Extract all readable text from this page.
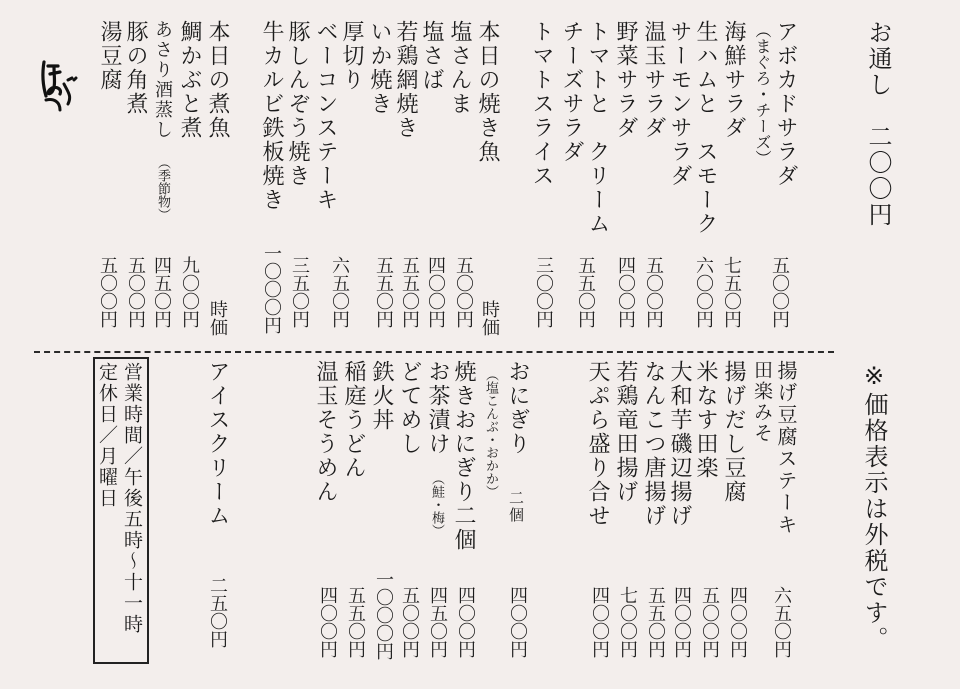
お通し　二〇〇円
アボカドサラダ
（まぐろ・チーズ）
海鮮サラダ
生ハムと　スモーク
サーモンサラダ
温玉サラダ
野菜サラダ
トマトと　クリーム
チーズサラダ
トマトスライス
本日の焼き魚
塩さんま
塩さば
若鶏網焼き
いか焼き
厚切り
ベーコンステーキ
豚しんぞう焼き
牛カルビ鉄板焼き
本日の煮魚
鯛かぶと煮
あさり酒蒸し
（季節物）
豚の角煮
湯豆腐
五〇〇円
七五〇円
六〇〇円
五〇〇円
四〇〇円
五五〇円
三〇〇円
時価
五〇〇円
四〇〇円
五五〇円
五五〇円
六五〇円
三五〇円
一〇〇〇円
時価
九〇〇円
四五〇円
五〇〇円
五〇〇円
※価格表示は外税です。
揚げ豆腐ステーキ
田楽みそ
揚げだし豆腐
米なす田楽
大和芋磯辺揚げ
なんこつ唐揚げ
若鶏竜田揚げ
天ぷら盛り合せ
おにぎり
（塩こんぶ・おかか）
二個
焼きおにぎり二個
お茶漬け
（鮭・梅）
どてめし
鉄火丼
稲庭うどん
温玉そうめん
アイスクリーム
六五〇円
四〇〇円
五〇〇円
四〇〇円
五五〇円
七〇〇円
四〇〇円
四〇〇円
四〇〇円
四五〇円
五〇〇円
一〇〇〇円
五五〇円
四〇〇円
二五〇円
営業時間／午後五時～十一時
定休日／月曜日
